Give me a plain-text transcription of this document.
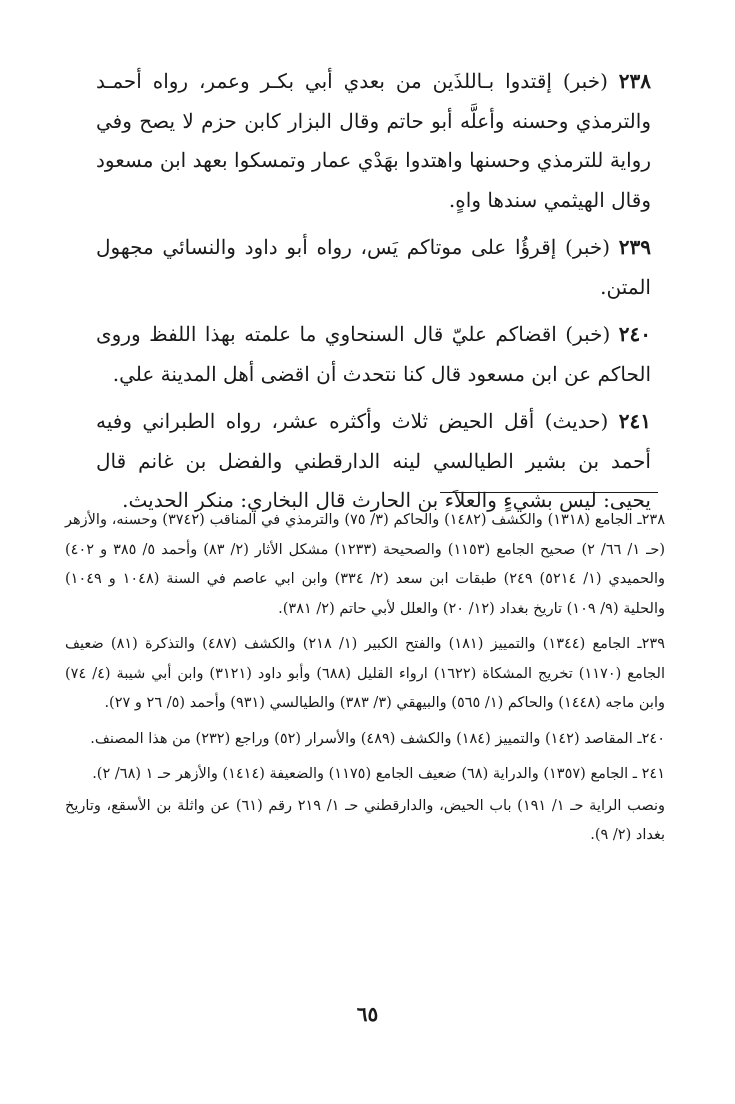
٢٣٨ (خبر) إقتدوا بـاللذَين من بعدي أبي بكـر وعمر، رواه أحمـد والترمذي وحسنه وأعلَّه أبو حاتم وقال البزار كابن حزم لا يصح وفي رواية للترمذي وحسنها واهتدوا بهَدْي عمار وتمسكوا بعهد ابن مسعود وقال الهيثمي سندها واهٍ.

٢٣٩ (خبر) إقرؤُا على موتاكم يَس، رواه أبو داود والنسائي مجهول المتن.

٢٤٠ (خبر) اقضاكم عليّ قال السنحاوي ما علمته بهذا اللفظ وروى الحاكم عن ابن مسعود قال كنا نتحدث أن اقضى أهل المدينة علي.

٢٤١ (حديث) أقل الحيض ثلاث وأكثره عشر، رواه الطبراني وفيه أحمد بن بشير الطيالسي لينه الدارقطني والفضل بن غانم قال يحيى: ليس بشيءٍ والعلاَء بن الحارث قال البخاري: منكر الحديث.

٢٣٨ـ الجامع (١٣١٨) والكشف (١٤٨٢) والحاكم (٣/ ٧٥) والترمذي في المناقب (٣٧٤٢) وحسنه، والأزهر (حـ ١/ ٦٦/ ٢) صحيح الجامع (١١٥٣) والصحيحة (١٢٣٣) مشكل الأثار (٢/ ٨٣) وأحمد ٥/ ٣٨٥ و ٤٠٢) والحميدي (١/ ٥٢١٤) ٢٤٩) طبقات ابن سعد (٢/ ٣٣٤) وابن ابي عاصم في السنة (١٠٤٨ و ١٠٤٩) والحلية (٩/ ١٠٩) تاريخ بغداد (١٢/ ٢٠) والعلل لأبي حاتم (٢/ ٣٨١).

٢٣٩ـ الجامع (١٣٤٤) والتمييز (١٨١) والفتح الكبير (١/ ٢١٨) والكشف (٤٨٧) والتذكرة (٨١) ضعيف الجامع (١١٧٠) تخريج المشكاة (١٦٢٢) ارواء القليل (٦٨٨) وأبو داود (٣١٢١) وابن أبي شيبة (٤/ ٧٤) وابن ماجه (١٤٤٨) والحاكم (١/ ٥٦٥) والبيهقي (٣/ ٣٨٣) والطيالسي (٩٣١) وأحمد (٥/ ٢٦ و ٢٧).

٢٤٠ـ المقاصد (١٤٢) والتمييز (١٨٤) والكشف (٤٨٩) والأسرار (٥٢) وراجع (٢٣٢) من هذا المصنف.

٢٤١ ـ الجامع (١٣٥٧) والدراية (٦٨) ضعيف الجامع (١١٧٥) والضعيفة (١٤١٤) والأزهر حـ ١ (٦٨/ ٢).

ونصب الراية حـ ١/ ١٩١) باب الحيض، والدارقطني حـ ١/ ٢١٩ رقم (٦١) عن واثلة بن الأسقع، وتاريخ بغداد (٢/ ٩).

٦٥
